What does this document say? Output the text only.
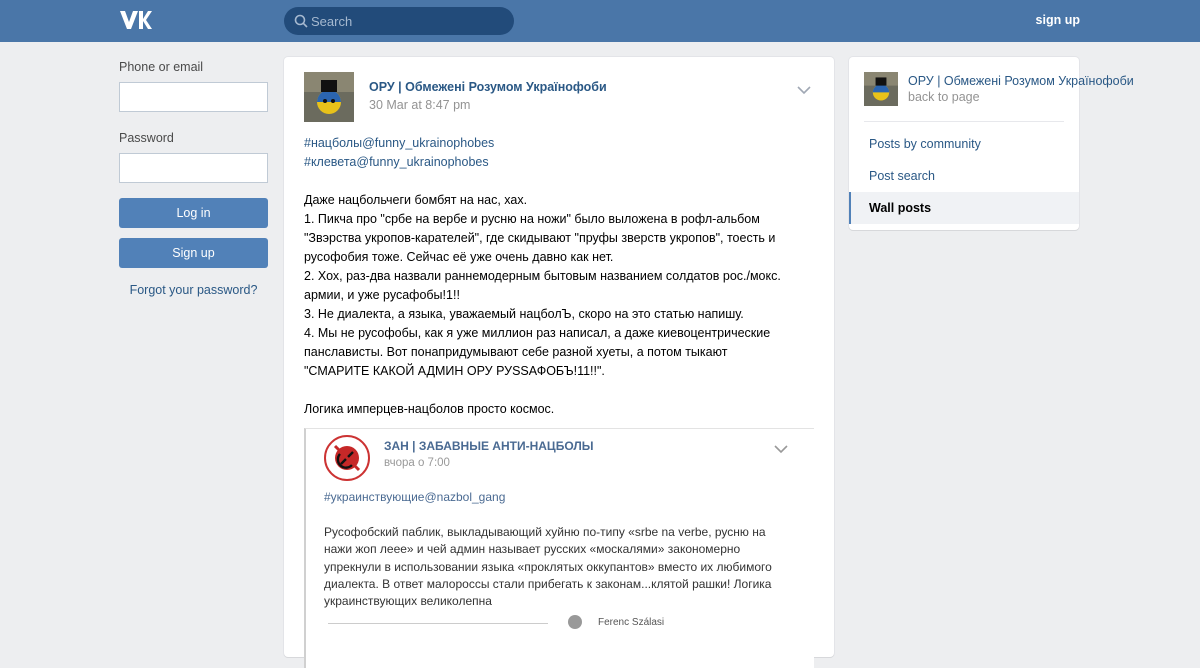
Search
sign up
Phone or email
Password
Log in
Sign up
Forgot your password?
ОРУ | Обмежені Розумом Українофоби
30 Mar at 8:47 pm
#нацболы@funny_ukrainophobes
#клевета@funny_ukrainophobes
Даже нацбольчеги бомбят на нас, хах.
1. Пикча про "србе на вербе и русню на ножи" было выложена в рофл-альбом
"Звэрства укропов-карателей", где скидывают "пруфы зверств укропов", тоесть и
русофобия тоже. Сейчас её уже очень давно как нет.
2. Хох, раз-два назвали раннемодерным бытовым названием солдатов рос./мокс.
армии, и уже русафобы!1!!
3. Не диалекта, а языка, уважаемый нацболЪ, скоро на это статью напишу.
4. Мы не русофобы, как я уже миллион раз написал, а даже киевоцентрические
панслависты. Вот понапридумывают себе разной хуеты, а потом тыкают
"СМАРИТЕ КАКОЙ АДМИН ОРУ РУSSАФОБЪ!11!!".
Логика имперцев-нацболов просто космос.
ЗАН | ЗАБАВНЫЕ АНТИ-НАЦБОЛЫ
вчора о 7:00
#украинствующие@nazbol_gang
Русофобский паблик, выкладывающий хуйню по-типу «srbe na verbe, русню на нажи жоп леее» и чей админ называет русских «москалями» закономерно упрекнули в использовании языка «проклятых оккупантов» вместо их любимого диалекта. В ответ малороссы стали прибегать к законам...клятой рашки! Логика украинствующих великолепна
Ferenc Szálasi
ОРУ | Обмежені Розумом Українофоби
back to page
Posts by community
Post search
Wall posts
